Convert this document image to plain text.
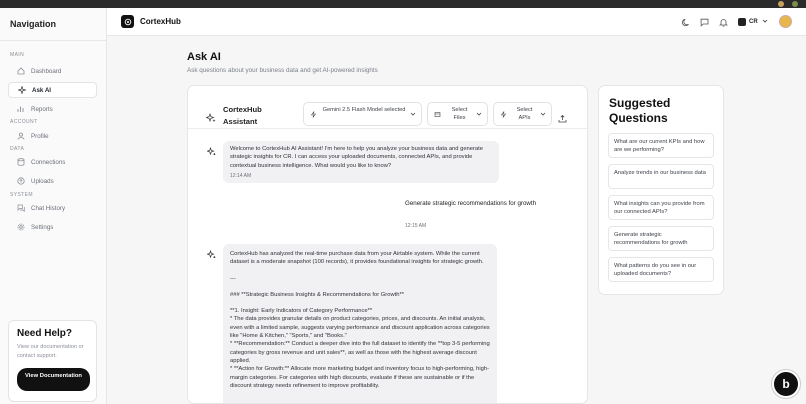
Navigation
MAIN
Dashboard
Ask AI
Reports
ACCOUNT
Profile
DATA
Connections
Uploads
SYSTEM
Chat History
Settings
Need Help?
View our documentation or contact support.
View Documentation
CortexHub	CR
Ask AI
Ask questions about your business data and get AI-powered insights
CortexHub Assistant
Gemini 2.5 Flash Model selected	Select Files
Select APIs
Welcome to CortexHub AI Assistant! I'm here to help you analyze your business data and generate strategic insights for CR. I can access your uploaded documents, connected APIs, and provide contextual business intelligence. What would you like to know?
12:14 AM
Generate strategic recommendations for growth
12:15 AM
CortexHub has analyzed the real-time purchase data from your Airtable system. While the current dataset is a moderate snapshot (100 records), it provides foundational insights for strategic growth.
---
### **Strategic Business Insights & Recommendations for Growth**
**1. Insight: Early Indicators of Category Performance**
* The data provides granular details on product categories, prices, and discounts. An initial analysis, even with a limited sample, suggests varying performance and discount application across categories like "Home & Kitchen," "Sports," and "Books."
* **Recommendation:** Conduct a deeper dive into the full dataset to identify the **top 3-5 performing categories by gross revenue and unit sales**, as well as those with the highest average discount applied.
* **Action for Growth:** Allocate more marketing budget and inventory focus to high-performing, high-margin categories. For categories with high discounts, evaluate if these are sustainable or if the discount strategy needs refinement to improve profitability.
Suggested Questions
What are our current KPIs and how are we performing?
Analyze trends in our business data
What insights can you provide from our connected APIs?
Generate strategic recommendations for growth
What patterns do you see in our uploaded documents?
b
